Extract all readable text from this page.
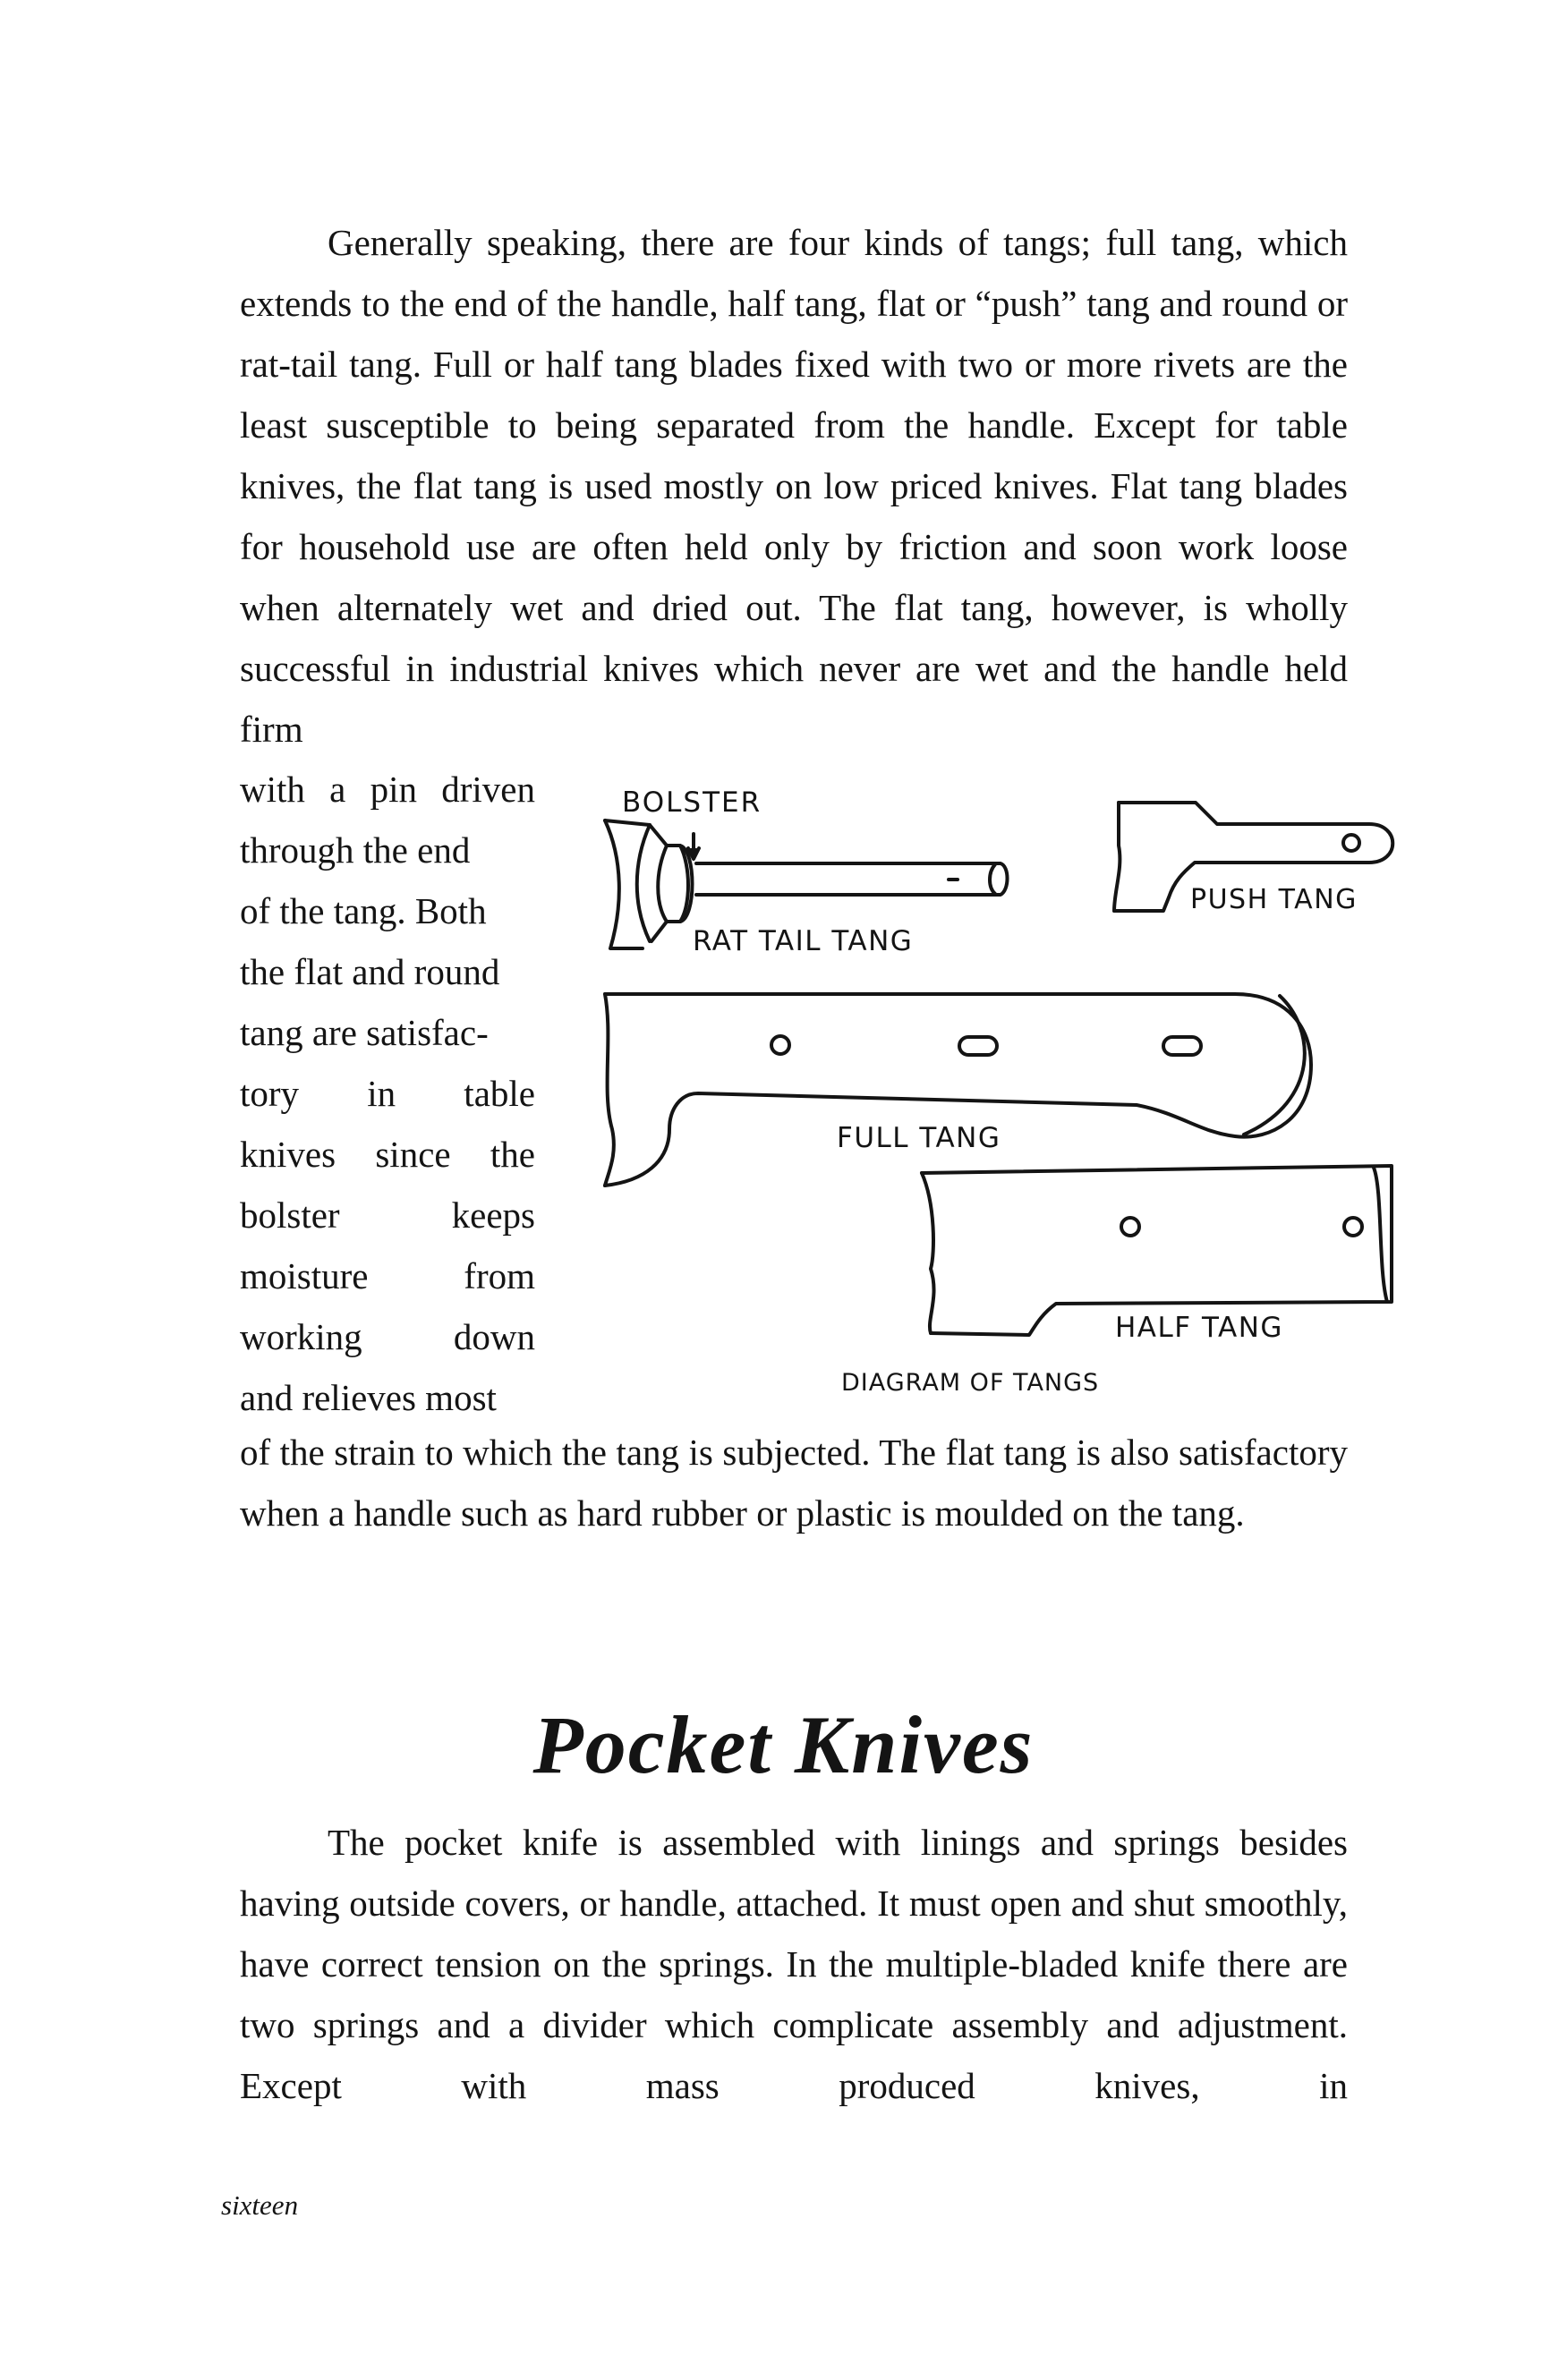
Generally speaking, there are four kinds of tangs; full tang, which extends to the end of the handle, half tang, flat or “push” tang and round or rat-tail tang. Full or half tang blades fixed with two or more rivets are the least susceptible to being separated from the handle. Except for table knives, the flat tang is used mostly on low priced knives. Flat tang blades for household use are often held only by friction and soon work loose when alternately wet and dried out. The flat tang, however, is wholly successful in industrial knives which never are wet and the handle held firm

with a pin driven
through the end
of the tang. Both
the flat and round
tang are satisfac-
tory in table
knives since the
bolster keeps
moisture from
working down
and relieves most

of the strain to which the tang is subjected. The flat tang is also satisfactory when a handle such as hard rubber or plastic is moulded on the tang.

BOLSTER
RAT TAIL TANG
PUSH TANG
FULL TANG
HALF TANG
DIAGRAM OF TANGS
Pocket Knives

The pocket knife is assembled with linings and springs besides having outside covers, or handle, attached. It must open and shut smoothly, have correct tension on the springs. In the multiple-bladed knife there are two springs and a divider which complicate assembly and adjustment. Except with mass produced knives, in

sixteen
